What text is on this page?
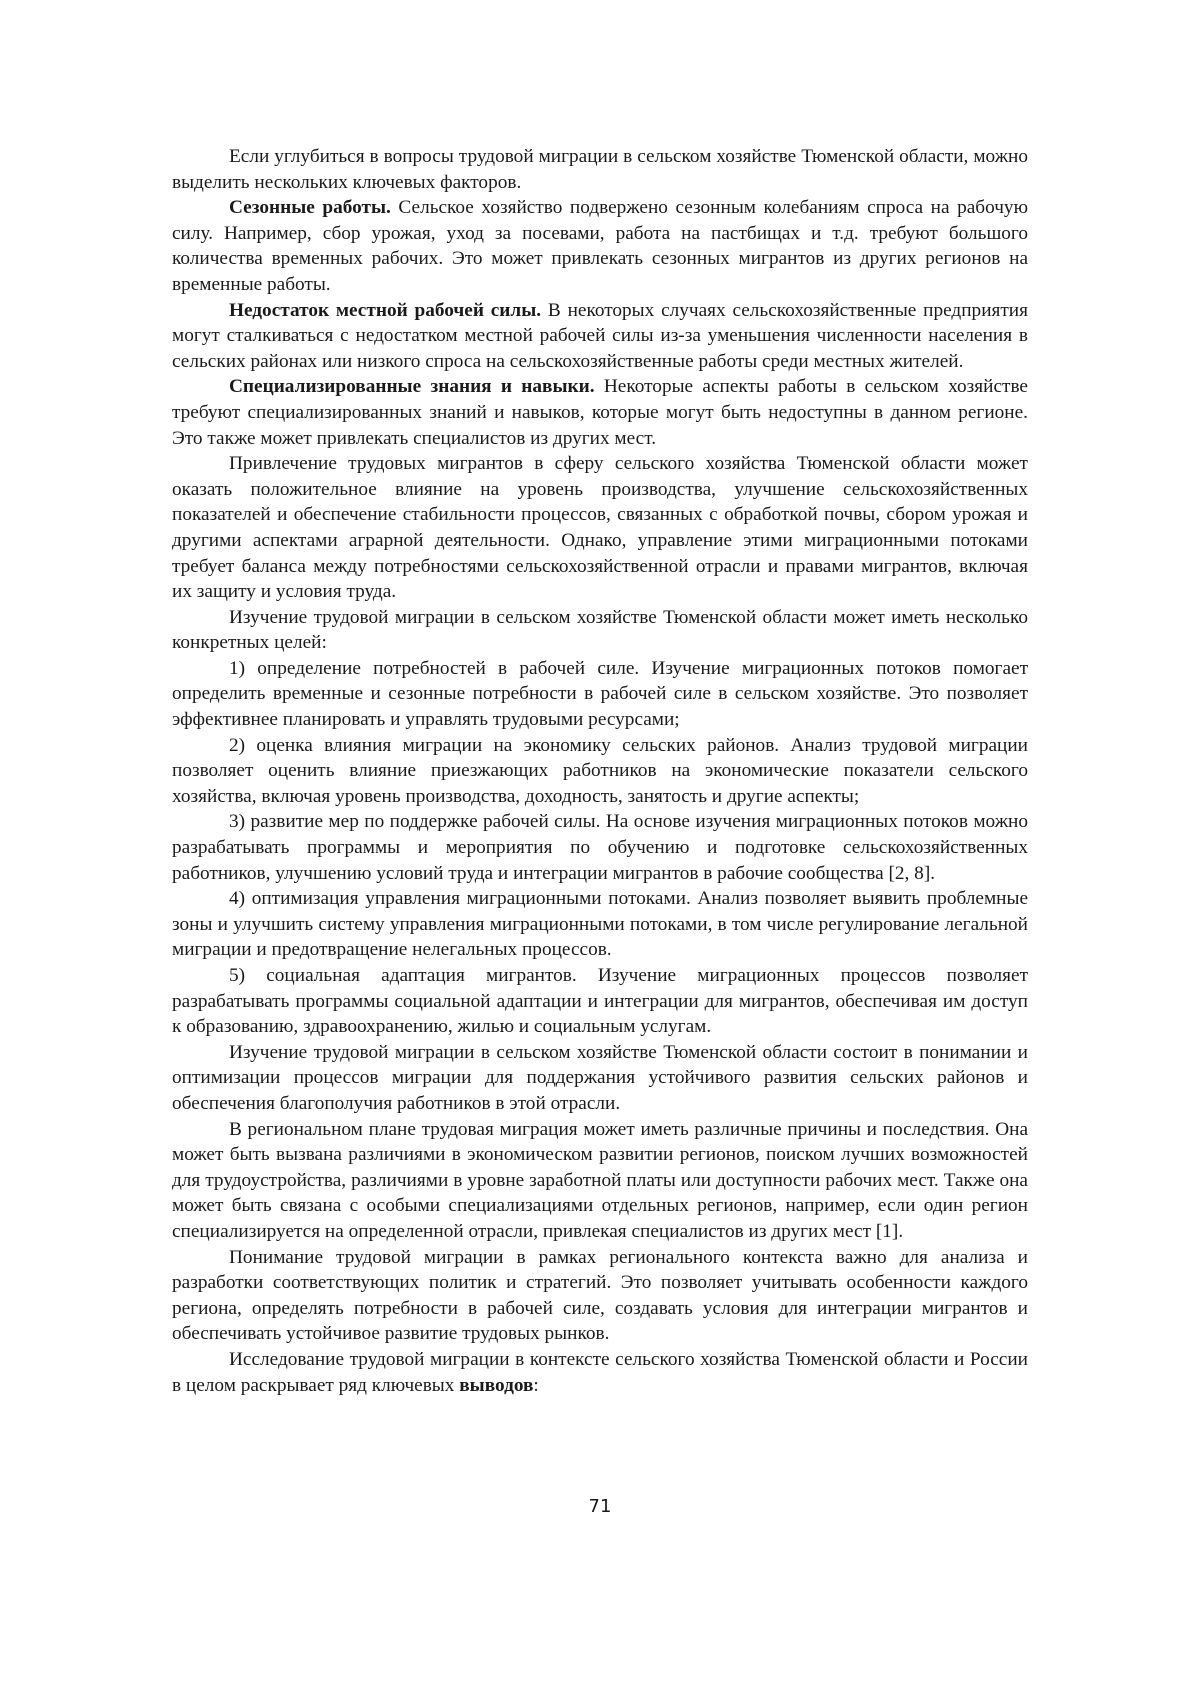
Если углубиться в вопросы трудовой миграции в сельском хозяйстве Тюменской области, можно выделить нескольких ключевых факторов.

Сезонные работы. Сельское хозяйство подвержено сезонным колебаниям спроса на рабочую силу. Например, сбор урожая, уход за посевами, работа на пастбищах и т.д. требуют большого количества временных рабочих. Это может привлекать сезонных мигрантов из других регионов на временные работы.

Недостаток местной рабочей силы. В некоторых случаях сельскохозяйственные предприятия могут сталкиваться с недостатком местной рабочей силы из-за уменьшения численности населения в сельских районах или низкого спроса на сельскохозяйственные работы среди местных жителей.

Специализированные знания и навыки. Некоторые аспекты работы в сельском хозяйстве требуют специализированных знаний и навыков, которые могут быть недоступны в данном регионе. Это также может привлекать специалистов из других мест.

Привлечение трудовых мигрантов в сферу сельского хозяйства Тюменской области может оказать положительное влияние на уровень производства, улучшение сельскохозяйственных показателей и обеспечение стабильности процессов, связанных с обработкой почвы, сбором урожая и другими аспектами аграрной деятельности. Однако, управление этими миграционными потоками требует баланса между потребностями сельскохозяйственной отрасли и правами мигрантов, включая их защиту и условия труда.

Изучение трудовой миграции в сельском хозяйстве Тюменской области может иметь несколько конкретных целей:

1) определение потребностей в рабочей силе. Изучение миграционных потоков помогает определить временные и сезонные потребности в рабочей силе в сельском хозяйстве. Это позволяет эффективнее планировать и управлять трудовыми ресурсами;

2) оценка влияния миграции на экономику сельских районов. Анализ трудовой миграции позволяет оценить влияние приезжающих работников на экономические показатели сельского хозяйства, включая уровень производства, доходность, занятость и другие аспекты;

3) развитие мер по поддержке рабочей силы. На основе изучения миграционных потоков можно разрабатывать программы и мероприятия по обучению и подготовке сельскохозяйственных работников, улучшению условий труда и интеграции мигрантов в рабочие сообщества [2, 8].

4) оптимизация управления миграционными потоками. Анализ позволяет выявить проблемные зоны и улучшить систему управления миграционными потоками, в том числе регулирование легальной миграции и предотвращение нелегальных процессов.

5) социальная адаптация мигрантов. Изучение миграционных процессов позволяет разрабатывать программы социальной адаптации и интеграции для мигрантов, обеспечивая им доступ к образованию, здравоохранению, жилью и социальным услугам.

Изучение трудовой миграции в сельском хозяйстве Тюменской области состоит в понимании и оптимизации процессов миграции для поддержания устойчивого развития сельских районов и обеспечения благополучия работников в этой отрасли.

В региональном плане трудовая миграция может иметь различные причины и последствия. Она может быть вызвана различиями в экономическом развитии регионов, поиском лучших возможностей для трудоустройства, различиями в уровне заработной платы или доступности рабочих мест. Также она может быть связана с особыми специализациями отдельных регионов, например, если один регион специализируется на определенной отрасли, привлекая специалистов из других мест [1].

Понимание трудовой миграции в рамках регионального контекста важно для анализа и разработки соответствующих политик и стратегий. Это позволяет учитывать особенности каждого региона, определять потребности в рабочей силе, создавать условия для интеграции мигрантов и обеспечивать устойчивое развитие трудовых рынков.

Исследование трудовой миграции в контексте сельского хозяйства Тюменской области и России в целом раскрывает ряд ключевых выводов:

71
